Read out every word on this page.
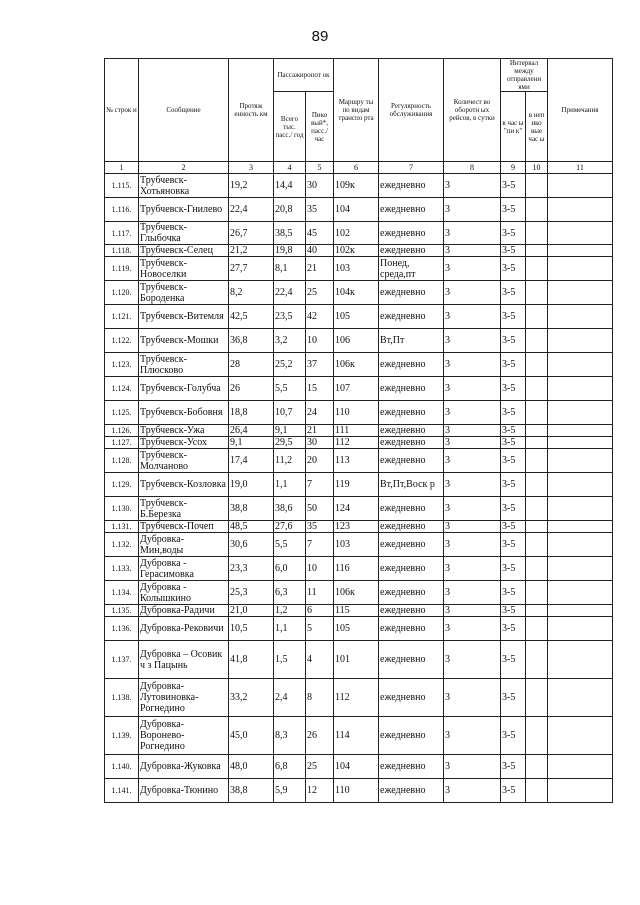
89
№ строк и	Сообщение	Протяж енность км	Пассажиропот ок		Маршру ты по видам транспо рта	Регулярность обслуживания	Количест во оборотн ых рейсов, в сутки	Интервал между отправлени ями		Примечания
			Всего тыс. пасс./ год	Пико вый*, пасс./ час				в час ы "пи к"	в неп ико вые час ы	
1	2	3	4	5	6	7	8	9	10	11
1.115.	Трубчевск-Хотьяновка	19,2	14,4	30	109к	ежедневно	3	3-5		
1.116.	Трубчевск-Гнилево	22,4	20,8	35	104	ежедневно	3	3-5		
1.117.	Трубчевск-Глыбочка	26,7	38,5	45	102	ежедневно	3	3-5		
1.118.	Трубчевск-Селец	21,2	19,8	40	102к	ежедневно	3	3-5		
1.119.	Трубчевск-Новоселки	27,7	8,1	21	103	Понед, среда,пт	3	3-5		
1.120.	Трубчевск-Бороденка	8,2	22,4	25	104к	ежедневно	3	3-5		
1.121.	Трубчевск-Витемля	42,5	23,5	42	105	ежедневно	3	3-5		
1.122.	Трубчевск-Мошки	36,8	3,2	10	106	Вт,Пт	3	3-5		
1.123.	Трубчевск-Плюсково	28	25,2	37	106к	ежедневно	3	3-5		
1.124.	Трубчевск-Голубча	26	5,5	15	107	ежедневно	3	3-5		
1.125.	Трубчевск-Бобовня	18,8	10,7	24	110	ежедневно	3	3-5		
1.126.	Трубчевск-Ужа	26,4	9,1	21	111	ежедневно	3	3-5		
1.127.	Трубчевск-Усох	9,1	29,5	30	112	ежедневно	3	3-5		
1.128.	Трубчевск-Молчаново	17,4	11,2	20	113	ежедневно	3	3-5		
1.129.	Трубчевск-Козловка	19,0	1,1	7	119	Вт,Пт,Воск р	3	3-5		
1.130.	Трубчевск-Б.Березка	38,8	38,6	50	124	ежедневно	3	3-5		
1.131.	Трубчевск-Почеп	48,5	27,6	35	123	ежедневно	3	3-5		
1.132.	Дубровка-Мин,воды	30,6	5,5	7	103	ежедневно	3	3-5		
1.133.	Дубровка - Герасимовка	23,3	6,0	10	116	ежедневно	3	3-5		
1.134.	Дубровка - Колышкино	25,3	6,3	11	106к	ежедневно	3	3-5		
1.135.	Дубровка-Радичи	21,0	1,2	6	115	ежедневно	3	3-5		
1.136.	Дубровка-Рековичи	10,5	1,1	5	105	ежедневно	3	3-5		
1.137.	Дубровка – Осовик ч з Пацынь	41,8	1,5	4	101	ежедневно	3	3-5		
1.138.	Дубровка-Лутовиновка-Рогнедино	33,2	2,4	8	112	ежедневно	3	3-5		
1.139.	Дубровка-Воронево-Рогнедино	45,0	8,3	26	114	ежедневно	3	3-5		
1.140.	Дубровка-Жуковка	48,0	6,8	25	104	ежедневно	3	3-5		
1.141.	Дубровка-Тюнино	38,8	5,9	12	110	ежедневно	3	3-5		
